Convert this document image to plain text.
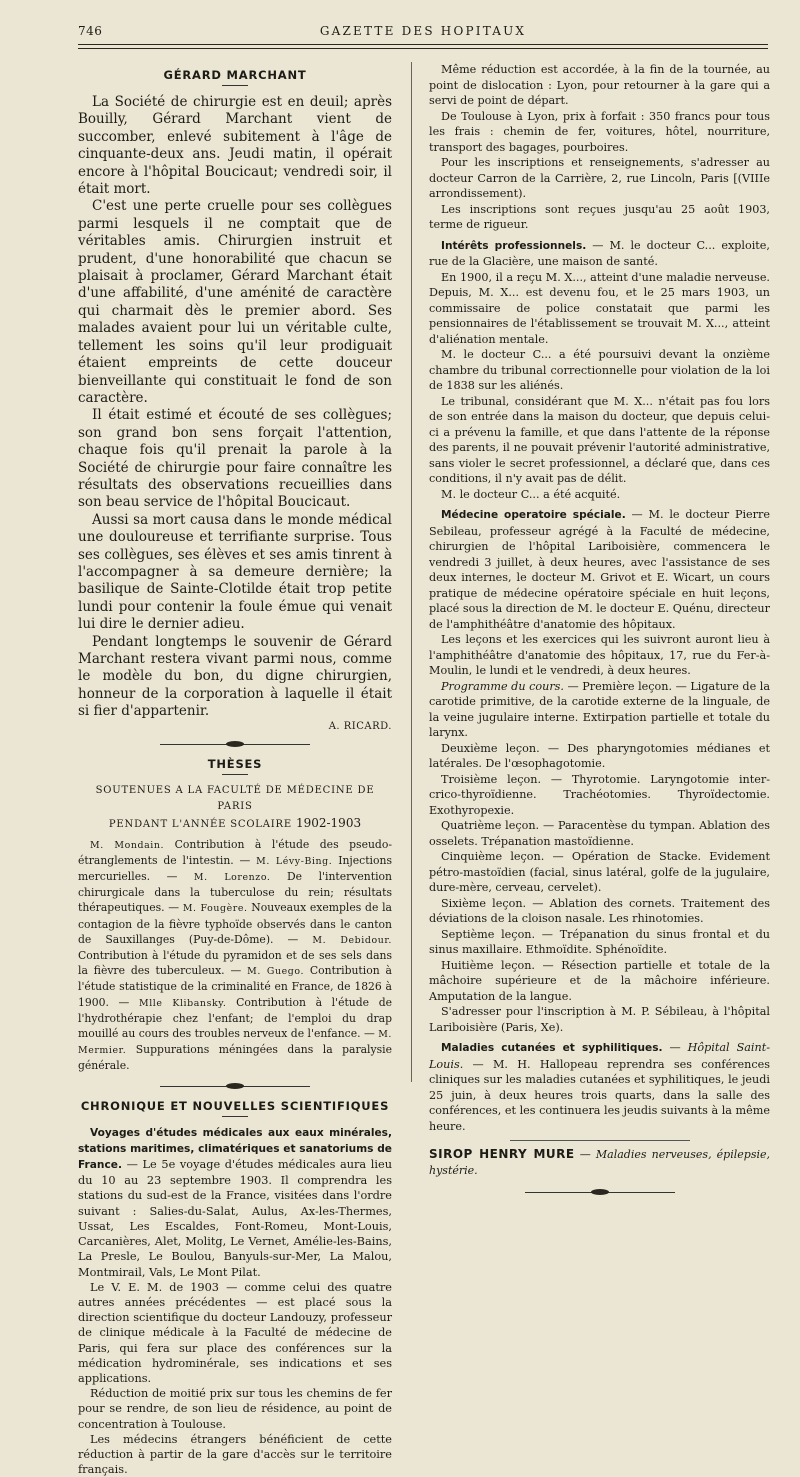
746	GAZETTE DES HOPITAUX
GÉRARD MARCHANT

La Société de chirurgie est en deuil; après Bouilly, Gérard Marchant vient de succomber, enlevé subitement à l'âge de cinquante-deux ans. Jeudi matin, il opérait encore à l'hôpital Boucicaut; vendredi soir, il était mort.

C'est une perte cruelle pour ses collègues parmi lesquels il ne comptait que de véritables amis. Chirurgien instruit et prudent, d'une honorabilité que chacun se plaisait à proclamer, Gérard Marchant était d'une affabilité, d'une aménité de caractère qui charmait dès le premier abord. Ses malades avaient pour lui un véritable culte, tellement les soins qu'il leur prodiguait étaient empreints de cette douceur bienveillante qui constituait le fond de son caractère.

Il était estimé et écouté de ses collègues; son grand bon sens forçait l'attention, chaque fois qu'il prenait la parole à la Société de chirurgie pour faire connaître les résultats des observations recueillies dans son beau service de l'hôpital Boucicaut.

Aussi sa mort causa dans le monde médical une douloureuse et terrifiante surprise. Tous ses collègues, ses élèves et ses amis tinrent à l'accompagner à sa demeure dernière; la basilique de Sainte-Clotilde était trop petite lundi pour contenir la foule émue qui venait lui dire le dernier adieu.

Pendant longtemps le souvenir de Gérard Marchant restera vivant parmi nous, comme le modèle du bon, du digne chirurgien, honneur de la corporation à laquelle il était si fier d'appartenir.

A. RICARD.
THÈSES
SOUTENUES A LA FACULTÉ DE MÉDECINE DE PARIS
PENDANT L'ANNÉE SCOLAIRE 1902-1903

M. Mondain. Contribution à l'étude des pseudo-étranglements de l'intestin. — M. Lévy-Bing. Injections mercurielles. — M. Lorenzo. De l'intervention chirurgicale dans la tuberculose du rein; résultats thérapeutiques. — M. Fougère. Nouveaux exemples de la contagion de la fièvre typhoïde observés dans le canton de Sauxillanges (Puy-de-Dôme). — M. Debidour. Contribution à l'étude du pyramidon et de ses sels dans la fièvre des tuberculeux. — M. Guego. Contribution à l'étude statistique de la criminalité en France, de 1826 à 1900. — Mlle Klibansky. Contribution à l'étude de l'hydrothérapie chez l'enfant; de l'emploi du drap mouillé au cours des troubles nerveux de l'enfance. — M. Mermier. Suppurations méningées dans la paralysie générale.

CHRONIQUE ET NOUVELLES SCIENTIFIQUES

Voyages d'études médicales aux eaux minérales, stations maritimes, climatériques et sanatoriums de France. — Le 5e voyage d'études médicales aura lieu du 10 au 23 septembre 1903. Il comprendra les stations du sud-est de la France, visitées dans l'ordre suivant : Salies-du-Salat, Aulus, Ax-les-Thermes, Ussat, Les Escaldes, Font-Romeu, Mont-Louis, Carcanières, Alet, Molitg, Le Vernet, Amélie-les-Bains, La Presle, Le Boulou, Banyuls-sur-Mer, La Malou, Montmirail, Vals, Le Mont Pilat.

Le V. E. M. de 1903 — comme celui des quatre autres années précédentes — est placé sous la direction scientifique du docteur Landouzy, professeur de clinique médicale à la Faculté de médecine de Paris, qui fera sur place des conférences sur la médication hydrominérale, ses indications et ses applications.

Réduction de moitié prix sur tous les chemins de fer pour se rendre, de son lieu de résidence, au point de concentration à Toulouse.

Les médecins étrangers bénéficient de cette réduction à partir de la gare d'accès sur le territoire français.

Même réduction est accordée, à la fin de la tournée, au point de dislocation : Lyon, pour retourner à la gare qui a servi de point de départ.

De Toulouse à Lyon, prix à forfait : 350 francs pour tous les frais : chemin de fer, voitures, hôtel, nourriture, transport des bagages, pourboires.

Pour les inscriptions et renseignements, s'adresser au docteur Carron de la Carrière, 2, rue Lincoln, Paris [(VIIIe arrondissement).

Les inscriptions sont reçues jusqu'au 25 août 1903, terme de rigueur.

Intérêts professionnels. — M. le docteur C... exploite, rue de la Glacière, une maison de santé.

En 1900, il a reçu M. X..., atteint d'une maladie nerveuse. Depuis, M. X... est devenu fou, et le 25 mars 1903, un commissaire de police constatait que parmi les pensionnaires de l'établissement se trouvait M. X..., atteint d'aliénation mentale.

M. le docteur C... a été poursuivi devant la onzième chambre du tribunal correctionnelle pour violation de la loi de 1838 sur les aliénés.

Le tribunal, considérant que M. X... n'était pas fou lors de son entrée dans la maison du docteur, que depuis celui-ci a prévenu la famille, et que dans l'attente de la réponse des parents, il ne pouvait prévenir l'autorité administrative, sans violer le secret professionnel, a déclaré que, dans ces conditions, il n'y avait pas de délit.

M. le docteur C... a été acquité.

Médecine operatoire spéciale. — M. le docteur Pierre Sebileau, professeur agrégé à la Faculté de médecine, chirurgien de l'hôpital Lariboisière, commencera le vendredi 3 juillet, à deux heures, avec l'assistance de ses deux internes, le docteur M. Grivot et E. Wicart, un cours pratique de médecine opératoire spéciale en huit leçons, placé sous la direction de M. le docteur E. Quénu, directeur de l'amphithéâtre d'anatomie des hôpitaux.

Les leçons et les exercices qui les suivront auront lieu à l'amphithéâtre d'anatomie des hôpitaux, 17, rue du Fer-à-Moulin, le lundi et le vendredi, à deux heures.

Programme du cours. — Première leçon. — Ligature de la carotide primitive, de la carotide externe de la linguale, de la veine jugulaire interne. Extirpation partielle et totale du larynx.

Deuxième leçon. — Des pharyngotomies médianes et latérales. De l'œsophagotomie.

Troisième leçon. — Thyrotomie. Laryngotomie inter-crico-thyroïdienne. Trachéotomies. Thyroïdectomie. Exothyropexie.

Quatrième leçon. — Paracentèse du tympan. Ablation des osselets. Trépanation mastoïdienne.

Cinquième leçon. — Opération de Stacke. Evidement pétro-mastoïdien (facial, sinus latéral, golfe de la jugulaire, dure-mère, cerveau, cervelet).

Sixième leçon. — Ablation des cornets. Traitement des déviations de la cloison nasale. Les rhinotomies.

Septième leçon. — Trépanation du sinus frontal et du sinus maxillaire. Ethmoïdite. Sphénoïdite.

Huitième leçon. — Résection partielle et totale de la mâchoire supérieure et de la mâchoire inférieure. Amputation de la langue.

S'adresser pour l'inscription à M. P. Sébileau, à l'hôpital Lariboisière (Paris, Xe).

Maladies cutanées et syphilitiques. — Hôpital Saint-Louis. — M. H. Hallopeau reprendra ses conférences cliniques sur les maladies cutanées et syphilitiques, le jeudi 25 juin, à deux heures trois quarts, dans la salle des conférences, et les continuera les jeudis suivants à la même heure.

SIROP HENRY MURE — Maladies nerveuses, épilepsie, hystérie.
